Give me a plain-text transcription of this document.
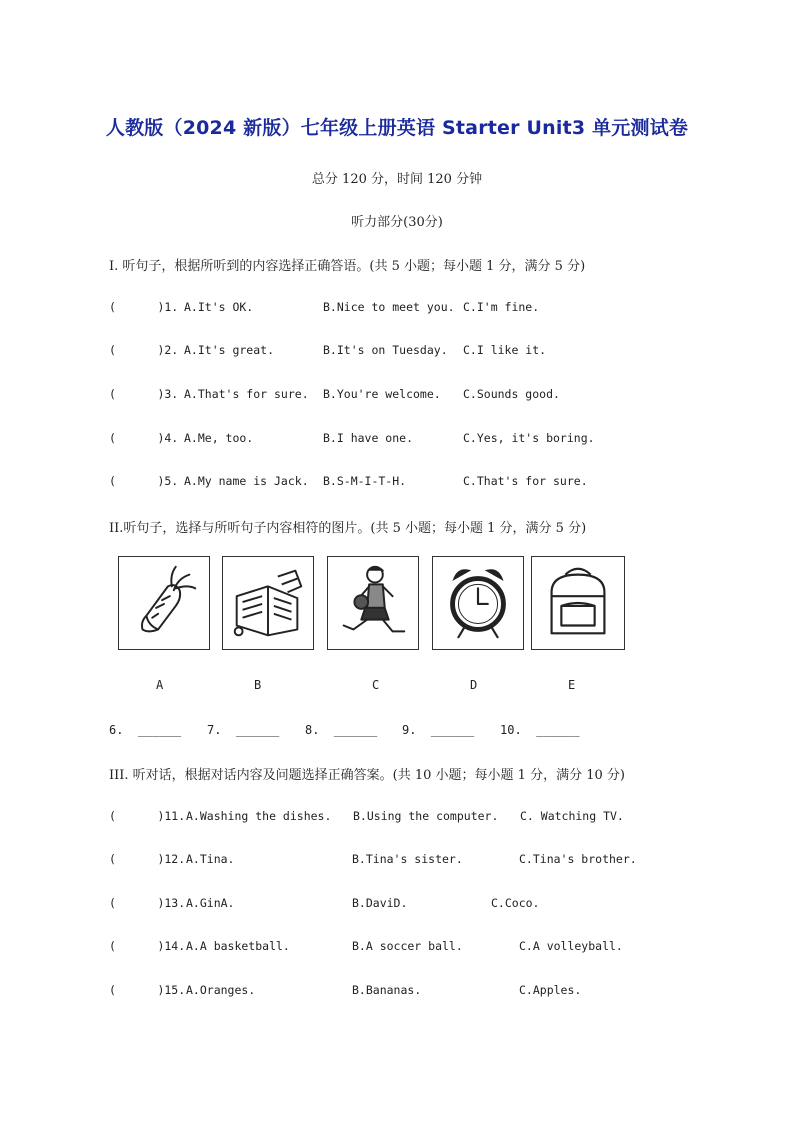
人教版（2024 新版）七年级上册英语 Starter Unit3 单元测试卷
总分 120 分，时间 120 分钟
听力部分(30分)
I. 听句子，根据所听到的内容选择正确答语。(共 5 小题；每小题 1 分，满分 5 分)
(      )1. A.It's OK.	B.Nice to meet you. C.I'm fine.
(      )2. A.It's great.	B.It's on Tuesday. C.I like it.
(      )3. A.That's for sure. B.You're welcome. C.Sounds good.
(      )4. A.Me, too.	B.I have one.	C.Yes, it's boring.
(      )5. A.My name is Jack. B.S-M-I-T-H.	C.That's for sure.
II.听句子，选择与所听句子内容相符的图片。(共 5 小题；每小题 1 分，满分 5 分)
A	B	C	D	E
6.  ______ 7.  ______ 8.  ______ 9.  ______ 10.  ______
III. 听对话，根据对话内容及问题选择正确答案。(共 10 小题；每小题 1 分，满分 10 分)
(      )11. A.Washing the dishes. B.Using the computer. C. Watching TV.
(      )12. A.Tina.	B.Tina's sister.	C.Tina's brother.
(      )13. A.GinA.	B.DaviD.	C.Coco.
(      )14. A.A basketball.	B.A soccer ball.	C.A volleyball.
(      )15. A.Oranges.	B.Bananas.	C.Apples.
